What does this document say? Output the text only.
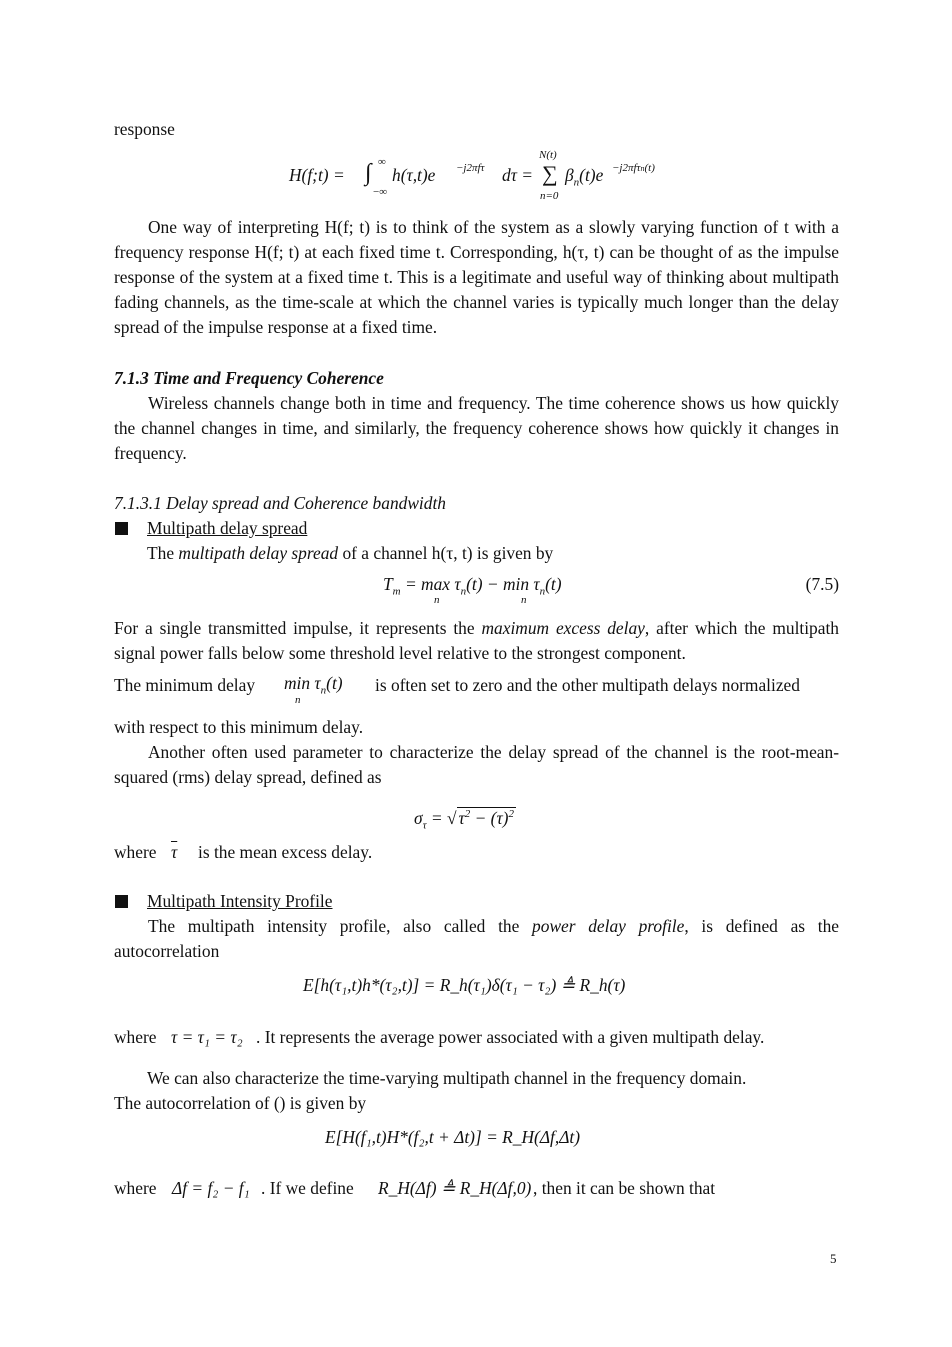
response
H(f;t) = ∫ ∞
−∞
h(τ,t)e −j2πfτ dτ = ∑
N(t)
n=0
$\beta_n(t)e -j2\pi f\tau n(t)$
One way of interpreting H(f; t) is to think of the system as a slowly varying function of t with a frequency response H(f; t) at each fixed time t. Corresponding, h(τ, t) can be thought of as the impulse response of the system at a fixed time t. This is a legitimate and useful way of thinking about multipath fading channels, as the time-scale at which the channel varies is typically much longer than the delay spread of the impulse response at a fixed time.
7.1.3 Time and Frequency Coherence
Wireless channels change both in time and frequency. The time coherence shows us how quickly the channel changes in time, and similarly, the frequency coherence shows how quickly it changes in frequency.
7.1.3.1 Delay spread and Coherence bandwidth
Multipath delay spread
The multipath delay spread of a channel h(τ, t) is given by
$T_m = \max \tau_n(t) - \min \tau_n(t)$
n	n
(7.5)
For a single transmitted impulse, it represents the maximum excess delay, after which the multipath signal power falls below some threshold level relative to the strongest component.
The minimum delay $\min \tau_n(t)$
n
is often set to zero and the other multipath delays normalized
with respect to this minimum delay.
Another often used parameter to characterize the delay spread of the channel is the root-mean-squared (rms) delay spread, defined as
$\sigma_\tau$ = √ $\tau^2 - (\tau)^2$
where $\overline{\tau}$ is the mean excess delay.
Multipath Intensity Profile
The multipath intensity profile, also called the power delay profile, is defined as the autocorrelation
E[h(τ₁,t)h*(τ₂,t)] = R_h(τ₁)δ(τ₁ − τ₂) ≜ R_h(τ)
where τ = τ₁ = τ₂ . It represents the average power associated with a given multipath delay.
We can also characterize the time-varying multipath channel in the frequency domain.
The autocorrelation of () is given by
E[H(f₁,t)H*(f₂,t + Δt)] = R_H(Δf,Δt)
where Δf = f₂ − f₁ . If we define R_H(Δf) ≜ R_H(Δf,0) , then it can be shown that
5
